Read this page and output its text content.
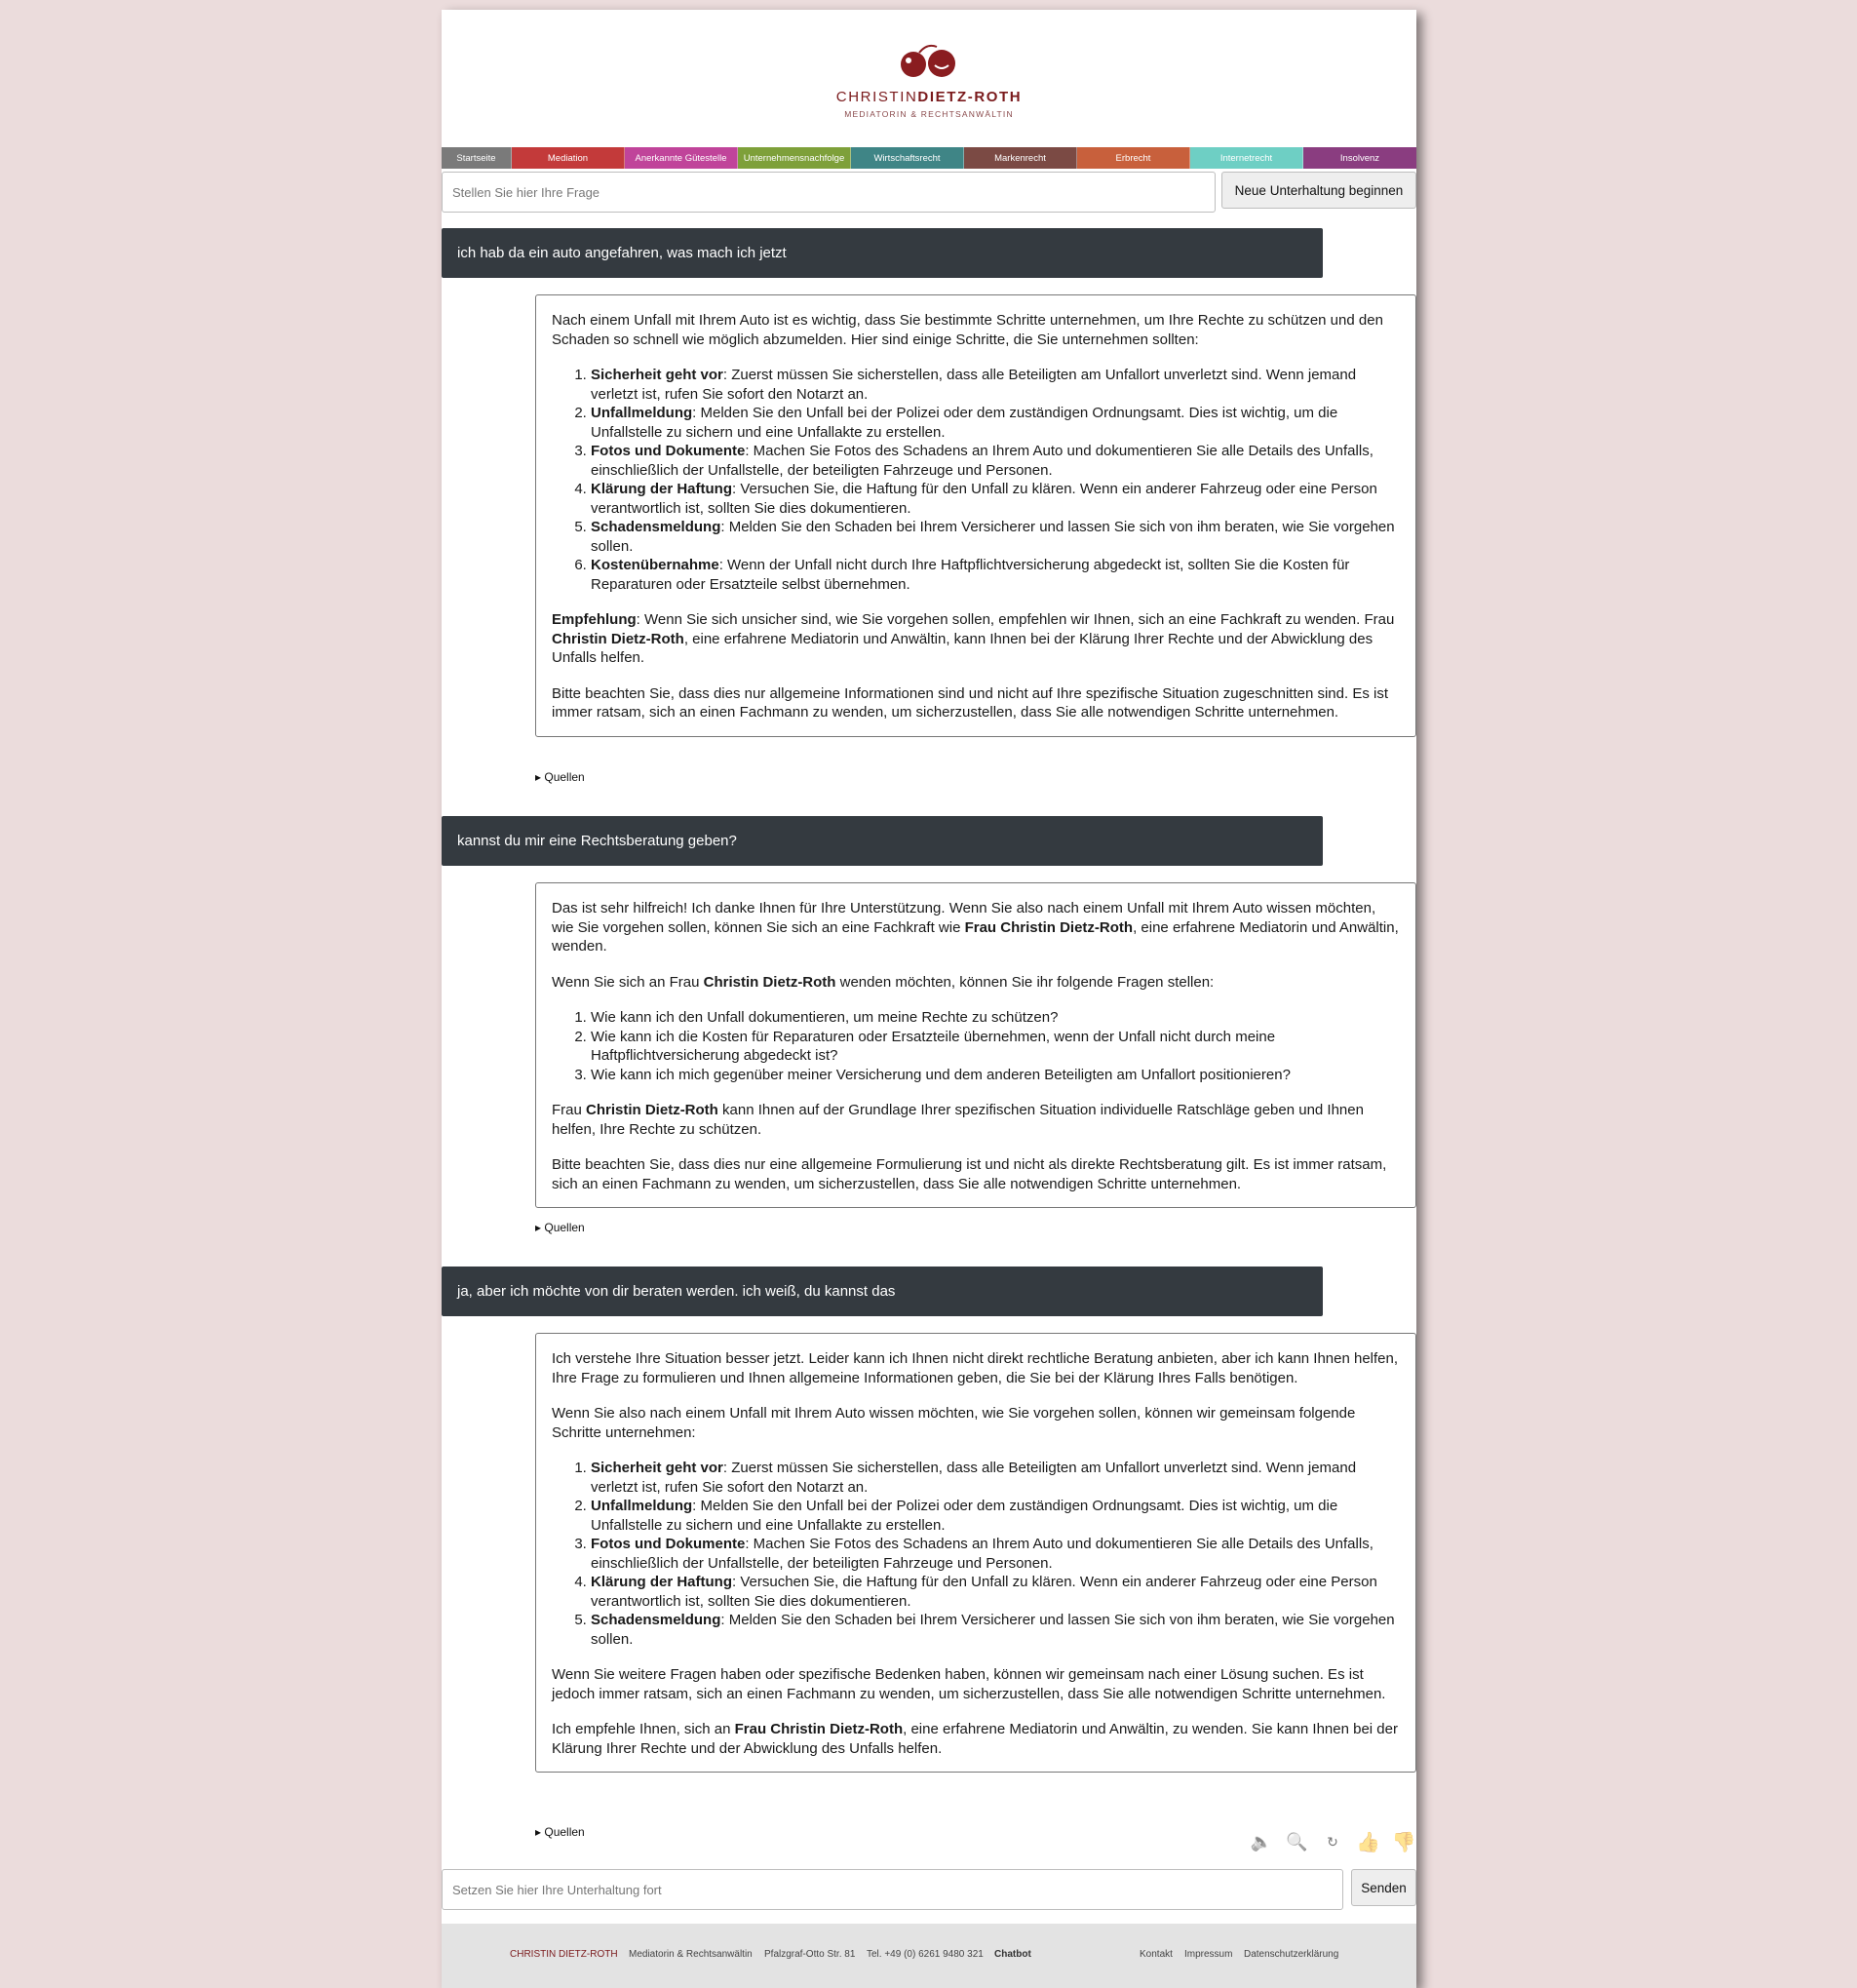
CHRISTINDIETZ-ROTH
MEDIATORIN & RECHTSANWÄLTIN
Startseite	Mediation	Anerkannte Gütestelle	Unternehmensnachfolge	Wirtschaftsrecht	Markenrecht	Erbrecht	Internetrecht	Insolvenz
Stellen Sie hier Ihre Frage
Neue Unterhaltung beginnen
ich hab da ein auto angefahren, was mach ich jetzt

Nach einem Unfall mit Ihrem Auto ist es wichtig, dass Sie bestimmte Schritte unternehmen, um Ihre Rechte zu schützen und den Schaden so schnell wie möglich abzumelden. Hier sind einige Schritte, die Sie unternehmen sollten:

1. Sicherheit geht vor: Zuerst müssen Sie sicherstellen, dass alle Beteiligten am Unfallort unverletzt sind. Wenn jemand verletzt ist, rufen Sie sofort den Notarzt an.
2. Unfallmeldung: Melden Sie den Unfall bei der Polizei oder dem zuständigen Ordnungsamt. Dies ist wichtig, um die Unfallstelle zu sichern und eine Unfallakte zu erstellen.
3. Fotos und Dokumente: Machen Sie Fotos des Schadens an Ihrem Auto und dokumentieren Sie alle Details des Unfalls, einschließlich der Unfallstelle, der beteiligten Fahrzeuge und Personen.
4. Klärung der Haftung: Versuchen Sie, die Haftung für den Unfall zu klären. Wenn ein anderer Fahrzeug oder eine Person verantwortlich ist, sollten Sie dies dokumentieren.
5. Schadensmeldung: Melden Sie den Schaden bei Ihrem Versicherer und lassen Sie sich von ihm beraten, wie Sie vorgehen sollen.
6. Kostenübernahme: Wenn der Unfall nicht durch Ihre Haftpflichtversicherung abgedeckt ist, sollten Sie die Kosten für Reparaturen oder Ersatzteile selbst übernehmen.

Empfehlung: Wenn Sie sich unsicher sind, wie Sie vorgehen sollen, empfehlen wir Ihnen, sich an eine Fachkraft zu wenden. Frau Christin Dietz-Roth, eine erfahrene Mediatorin und Anwältin, kann Ihnen bei der Klärung Ihrer Rechte und der Abwicklung des Unfalls helfen.

Bitte beachten Sie, dass dies nur allgemeine Informationen sind und nicht auf Ihre spezifische Situation zugeschnitten sind. Es ist immer ratsam, sich an einen Fachmann zu wenden, um sicherzustellen, dass Sie alle notwendigen Schritte unternehmen.

▸ Quellen
kannst du mir eine Rechtsberatung geben?

Das ist sehr hilfreich! Ich danke Ihnen für Ihre Unterstützung. Wenn Sie also nach einem Unfall mit Ihrem Auto wissen möchten, wie Sie vorgehen sollen, können Sie sich an eine Fachkraft wie Frau Christin Dietz-Roth, eine erfahrene Mediatorin und Anwältin, wenden.

Wenn Sie sich an Frau Christin Dietz-Roth wenden möchten, können Sie ihr folgende Fragen stellen:

1. Wie kann ich den Unfall dokumentieren, um meine Rechte zu schützen?
2. Wie kann ich die Kosten für Reparaturen oder Ersatzteile übernehmen, wenn der Unfall nicht durch meine Haftpflichtversicherung abgedeckt ist?
3. Wie kann ich mich gegenüber meiner Versicherung und dem anderen Beteiligten am Unfallort positionieren?

Frau Christin Dietz-Roth kann Ihnen auf der Grundlage Ihrer spezifischen Situation individuelle Ratschläge geben und Ihnen helfen, Ihre Rechte zu schützen.

Bitte beachten Sie, dass dies nur eine allgemeine Formulierung ist und nicht als direkte Rechtsberatung gilt. Es ist immer ratsam, sich an einen Fachmann zu wenden, um sicherzustellen, dass Sie alle notwendigen Schritte unternehmen.

▸ Quellen
ja, aber ich möchte von dir beraten werden. ich weiß, du kannst das

Ich verstehe Ihre Situation besser jetzt. Leider kann ich Ihnen nicht direkt rechtliche Beratung anbieten, aber ich kann Ihnen helfen, Ihre Frage zu formulieren und Ihnen allgemeine Informationen geben, die Sie bei der Klärung Ihres Falls benötigen.

Wenn Sie also nach einem Unfall mit Ihrem Auto wissen möchten, wie Sie vorgehen sollen, können wir gemeinsam folgende Schritte unternehmen:

1. Sicherheit geht vor: Zuerst müssen Sie sicherstellen, dass alle Beteiligten am Unfallort unverletzt sind. Wenn jemand verletzt ist, rufen Sie sofort den Notarzt an.
2. Unfallmeldung: Melden Sie den Unfall bei der Polizei oder dem zuständigen Ordnungsamt. Dies ist wichtig, um die Unfallstelle zu sichern und eine Unfallakte zu erstellen.
3. Fotos und Dokumente: Machen Sie Fotos des Schadens an Ihrem Auto und dokumentieren Sie alle Details des Unfalls, einschließlich der Unfallstelle, der beteiligten Fahrzeuge und Personen.
4. Klärung der Haftung: Versuchen Sie, die Haftung für den Unfall zu klären. Wenn ein anderer Fahrzeug oder eine Person verantwortlich ist, sollten Sie dies dokumentieren.
5. Schadensmeldung: Melden Sie den Schaden bei Ihrem Versicherer und lassen Sie sich von ihm beraten, wie Sie vorgehen sollen.

Wenn Sie weitere Fragen haben oder spezifische Bedenken haben, können wir gemeinsam nach einer Lösung suchen. Es ist jedoch immer ratsam, sich an einen Fachmann zu wenden, um sicherzustellen, dass Sie alle notwendigen Schritte unternehmen.

Ich empfehle Ihnen, sich an Frau Christin Dietz-Roth, eine erfahrene Mediatorin und Anwältin, zu wenden. Sie kann Ihnen bei der Klärung Ihrer Rechte und der Abwicklung des Unfalls helfen.

▸ Quellen	🔈 🔍	↻ 👍 👎
Setzen Sie hier Ihre Unterhaltung fort
Senden
CHRISTIN DIETZ-ROTH Mediatorin & Rechtsanwältin Pfalzgraf-Otto Str. 81 Tel. +49 (0) 6261 9480 321 Chatbot	Kontakt Impressum Datenschutzerklärung
